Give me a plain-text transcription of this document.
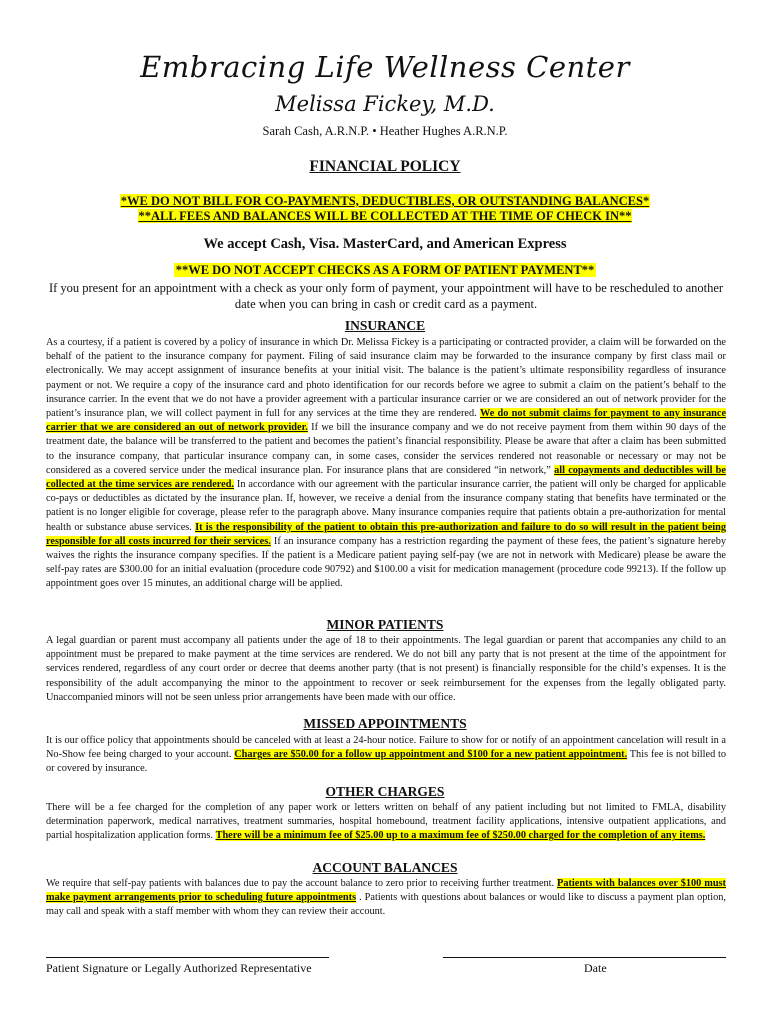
Embracing Life Wellness Center
Melissa Fickey, M.D.
Sarah Cash, A.R.N.P. • Heather Hughes A.R.N.P.
FINANCIAL POLICY
*WE DO NOT BILL FOR CO-PAYMENTS, DEDUCTIBLES, OR OUTSTANDING BALANCES*
**ALL FEES AND BALANCES WILL BE COLLECTED AT THE TIME OF CHECK IN**
We accept Cash, Visa. MasterCard, and American Express
**WE DO NOT ACCEPT CHECKS AS A FORM OF PATIENT PAYMENT**
If you present for an appointment with a check as your only form of payment, your appointment will have to be rescheduled to another date when you can bring in cash or credit card as a payment.
INSURANCE
As a courtesy, if a patient is covered by a policy of insurance in which Dr. Melissa Fickey is a participating or contracted provider, a claim will be forwarded on the behalf of the patient to the insurance company for payment. Filing of said insurance claim may be forwarded to the insurance company by first class mail or electronically. We may accept assignment of insurance benefits at your initial visit. The balance is the patient’s ultimate responsibility regardless of insurance payment or not. We require a copy of the insurance card and photo identification for our records before we agree to submit a claim on the patient’s behalf to the insurance carrier. In the event that we do not have a provider agreement with a particular insurance carrier or we are considered an out of network provider for the patient’s insurance plan, we will collect payment in full for any services at the time they are rendered. We do not submit claims for payment to any insurance carrier that we are considered an out of network provider. If we bill the insurance company and we do not receive payment from them within 90 days of the treatment date, the balance will be transferred to the patient and becomes the patient’s financial responsibility. Please be aware that after a claim has been submitted to the insurance company, that particular insurance company can, in some cases, consider the services rendered not reasonable or necessary or may not be considered as a covered service under the medical insurance plan. For insurance plans that are considered “in network,” all copayments and deductibles will be collected at the time services are rendered. In accordance with our agreement with the particular insurance carrier, the patient will only be charged for applicable co-pays or deductibles as dictated by the insurance plan. If, however, we receive a denial from the insurance company stating that benefits have terminated or the patient is no longer eligible for coverage, please refer to the paragraph above. Many insurance companies require that patients obtain a pre-authorization for mental health or substance abuse services. It is the responsibility of the patient to obtain this pre-authorization and failure to do so will result in the patient being responsible for all costs incurred for their services. If an insurance company has a restriction regarding the payment of these fees, the patient’s signature hereby waives the rights the insurance company specifies. If the patient is a Medicare patient paying self-pay (we are not in network with Medicare) please be aware the self-pay rates are $300.00 for an initial evaluation (procedure code 90792) and $100.00 a visit for medication management (procedure code 99213). If the follow up appointment goes over 15 minutes, an additional charge will be applied.
MINOR PATIENTS
A legal guardian or parent must accompany all patients under the age of 18 to their appointments. The legal guardian or parent that accompanies any child to an appointment must be prepared to make payment at the time services are rendered. We do not bill any party that is not present at the time of the appointment for services rendered, regardless of any court order or decree that deems another party (that is not present) is financially responsible for the child’s expenses. It is the responsibility of the adult accompanying the minor to the appointment to recover or seek reimbursement for the expenses from the legally obligated party. Unaccompanied minors will not be seen unless prior arrangements have been made with our office.
MISSED APPOINTMENTS
It is our office policy that appointments should be canceled with at least a 24-hour notice. Failure to show for or notify of an appointment cancelation will result in a No-Show fee being charged to your account. Charges are $50.00 for a follow up appointment and $100 for a new patient appointment. This fee is not billed to or covered by insurance.
OTHER CHARGES
There will be a fee charged for the completion of any paper work or letters written on behalf of any patient including but not limited to FMLA, disability determination paperwork, medical narratives, treatment summaries, hospital homebound, treatment facility applications, intensive outpatient applications, and partial hospitalization application forms. There will be a minimum fee of $25.00 up to a maximum fee of $250.00 charged for the completion of any items.
ACCOUNT BALANCES
We require that self-pay patients with balances due to pay the account balance to zero prior to receiving further treatment. Patients with balances over $100 must make payment arrangements prior to scheduling future appointments . Patients with questions about balances or would like to discuss a payment plan option, may call and speak with a staff member with whom they can review their account.
Patient Signature or Legally Authorized Representative	Date
